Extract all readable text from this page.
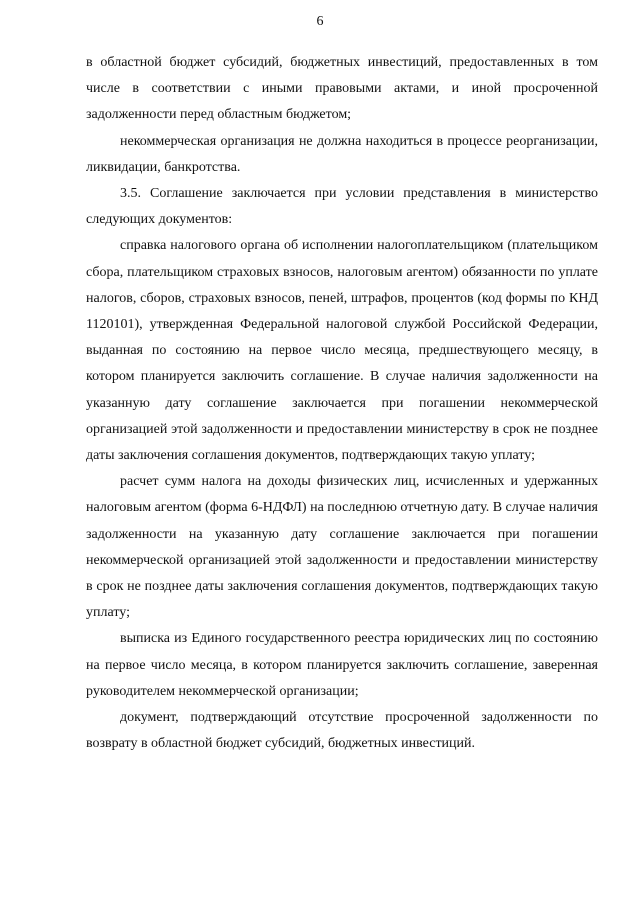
6

в областной бюджет субсидий, бюджетных инвестиций, предоставленных в том числе в соответствии с иными правовыми актами, и иной просроченной задолженности перед областным бюджетом;

некоммерческая организация не должна находиться в процессе реорганизации, ликвидации, банкротства.

3.5. Соглашение заключается при условии представления в министерство следующих документов:

справка налогового органа об исполнении налогоплательщиком (плательщиком сбора, плательщиком страховых взносов, налоговым агентом) обязанности по уплате налогов, сборов, страховых взносов, пеней, штрафов, процентов (код формы по КНД 1120101), утвержденная Федеральной налоговой службой Российской Федерации, выданная по состоянию на первое число месяца, предшествующего месяцу, в котором планируется заключить соглашение. В случае наличия задолженности на указанную дату соглашение заключается при погашении некоммерческой организацией этой задолженности и предоставлении министерству в срок не позднее даты заключения соглашения документов, подтверждающих такую уплату;

расчет сумм налога на доходы физических лиц, исчисленных и удержанных налоговым агентом (форма 6-НДФЛ) на последнюю отчетную дату. В случае наличия задолженности на указанную дату соглашение заключается при погашении некоммерческой организацией этой задолженности и предоставлении министерству в срок не позднее даты заключения соглашения документов, подтверждающих такую уплату;

выписка из Единого государственного реестра юридических лиц по состоянию на первое число месяца, в котором планируется заключить соглашение, заверенная руководителем некоммерческой организации;

документ, подтверждающий отсутствие просроченной задолженности по возврату в областной бюджет субсидий, бюджетных инвестиций.
